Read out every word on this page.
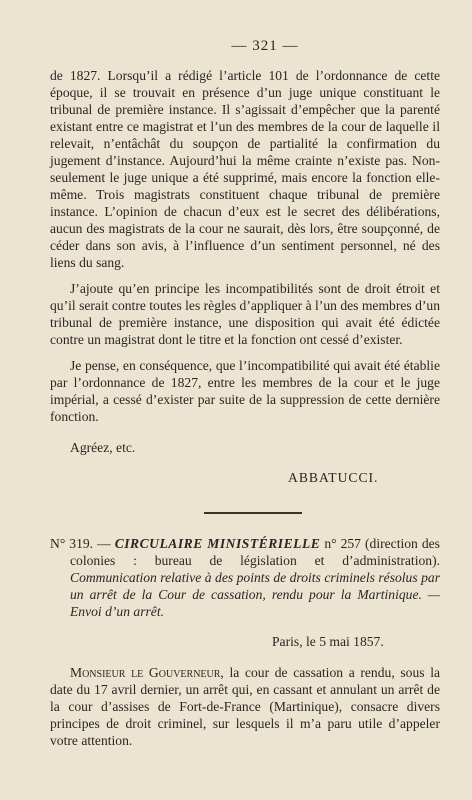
— 321 —

de 1827. Lorsqu’il a rédigé l’article 101 de l’ordonnance de cette époque, il se trouvait en présence d’un juge unique constituant le tribunal de première instance. Il s’agissait d’empêcher que la parenté existant entre ce magistrat et l’un des membres de la cour de laquelle il relevait, n’entâchât du soupçon de partialité la confirmation du jugement d’instance. Aujourd’hui la même crainte n’existe pas. Non-seulement le juge unique a été supprimé, mais encore la fonction elle-même. Trois magistrats constituent chaque tribunal de première instance. L’opinion de chacun d’eux est le secret des délibérations, aucun des magistrats de la cour ne saurait, dès lors, être soupçonné, de céder dans son avis, à l’influence d’un sentiment personnel, né des liens du sang.

J’ajoute qu’en principe les incompatibilités sont de droit étroit et qu’il serait contre toutes les règles d’appliquer à l’un des membres d’un tribunal de première instance, une disposition qui avait été édictée contre un magistrat dont le titre et la fonction ont cessé d’exister.

Je pense, en conséquence, que l’incompatibilité qui avait été établie par l’ordonnance de 1827, entre les membres de la cour et le juge impérial, a cessé d’exister par suite de la suppression de cette dernière fonction.

Agréez, etc.
ABBATUCCI.

N° 319. — CIRCULAIRE MINISTÉRIELLE n° 257 (direction des colonies : bureau de législation et d’administration). Communication relative à des points de droits criminels résolus par un arrêt de la Cour de cassation, rendu pour la Martinique. — Envoi d’un arrêt.

Paris, le 5 mai 1857.

Monsieur le Gouverneur, la cour de cassation a rendu, sous la date du 17 avril dernier, un arrêt qui, en cassant et annulant un arrêt de la cour d’assises de Fort-de-France (Martinique), consacre divers principes de droit criminel, sur lesquels il m’a paru utile d’appeler votre attention.
